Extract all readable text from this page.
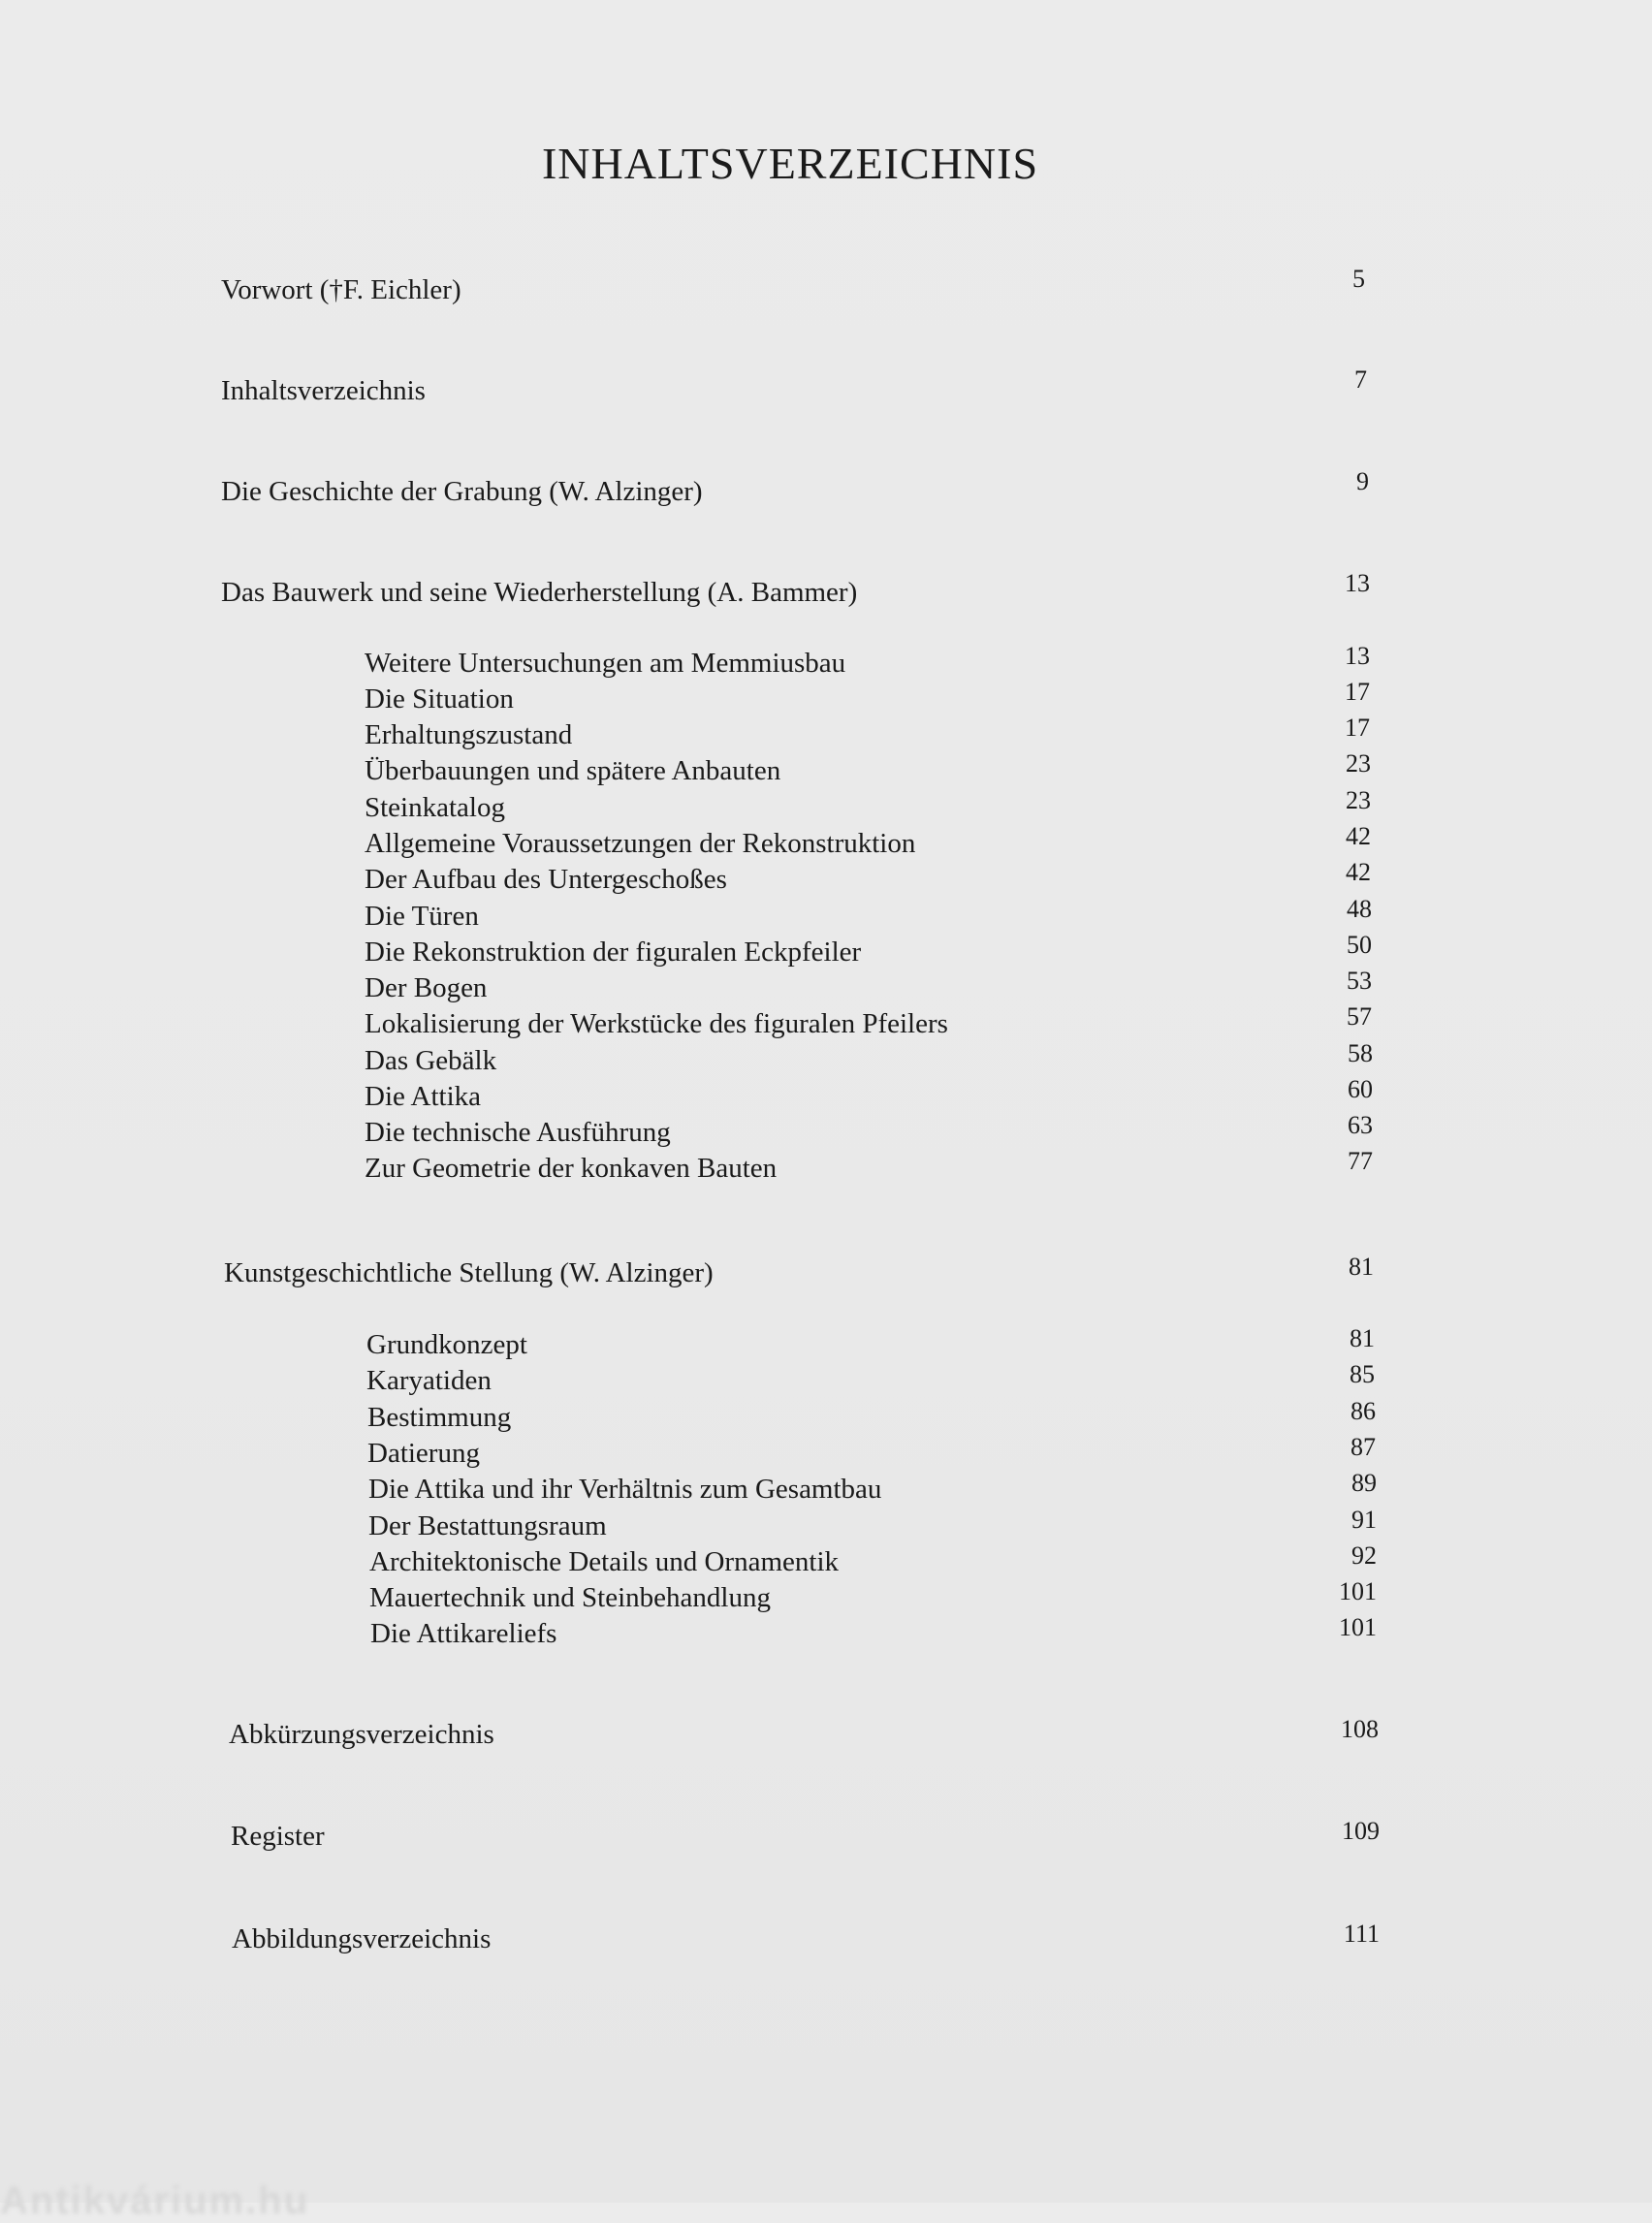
INHALTSVERZEICHNIS
Vorwort (†F. Eichler)	5
Inhaltsverzeichnis	7
Die Geschichte der Grabung (W. Alzinger)	9
Das Bauwerk und seine Wiederherstellung (A. Bammer)	13
Weitere Untersuchungen am Memmiusbau	13
Die Situation	17
Erhaltungszustand	17
Überbauungen und spätere Anbauten	23
Steinkatalog	23
Allgemeine Voraussetzungen der Rekonstruktion	42
Der Aufbau des Untergeschoßes	42
Die Türen	48
Die Rekonstruktion der figuralen Eckpfeiler	50
Der Bogen	53
Lokalisierung der Werkstücke des figuralen Pfeilers	57
Das Gebälk	58
Die Attika	60
Die technische Ausführung	63
Zur Geometrie der konkaven Bauten	77
Kunstgeschichtliche Stellung (W. Alzinger)	81
Grundkonzept	81
Karyatiden	85
Bestimmung	86
Datierung	87
Die Attika und ihr Verhältnis zum Gesamtbau	89
Der Bestattungsraum	91
Architektonische Details und Ornamentik	92
Mauertechnik und Steinbehandlung	101
Die Attikareliefs	101
Abkürzungsverzeichnis	108
Register	109
Abbildungsverzeichnis	111
Antikvárium.hu
